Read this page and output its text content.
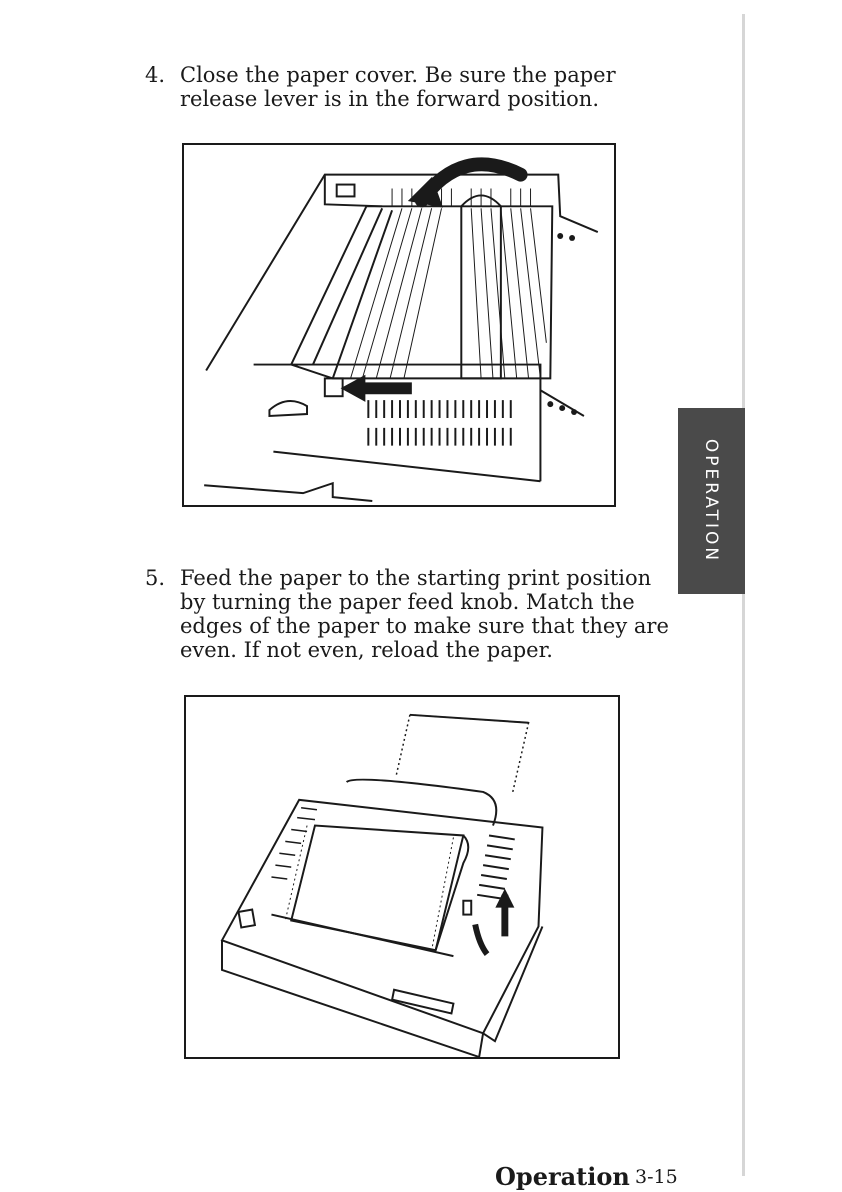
OPERATION
4. Close the paper cover. Be sure the paper
release lever is in the forward position.
5. Feed the paper to the starting print position
by turning the paper feed knob. Match the
edges of the paper to make sure that they are
even. If not even, reload the paper.
Operation 3-15
